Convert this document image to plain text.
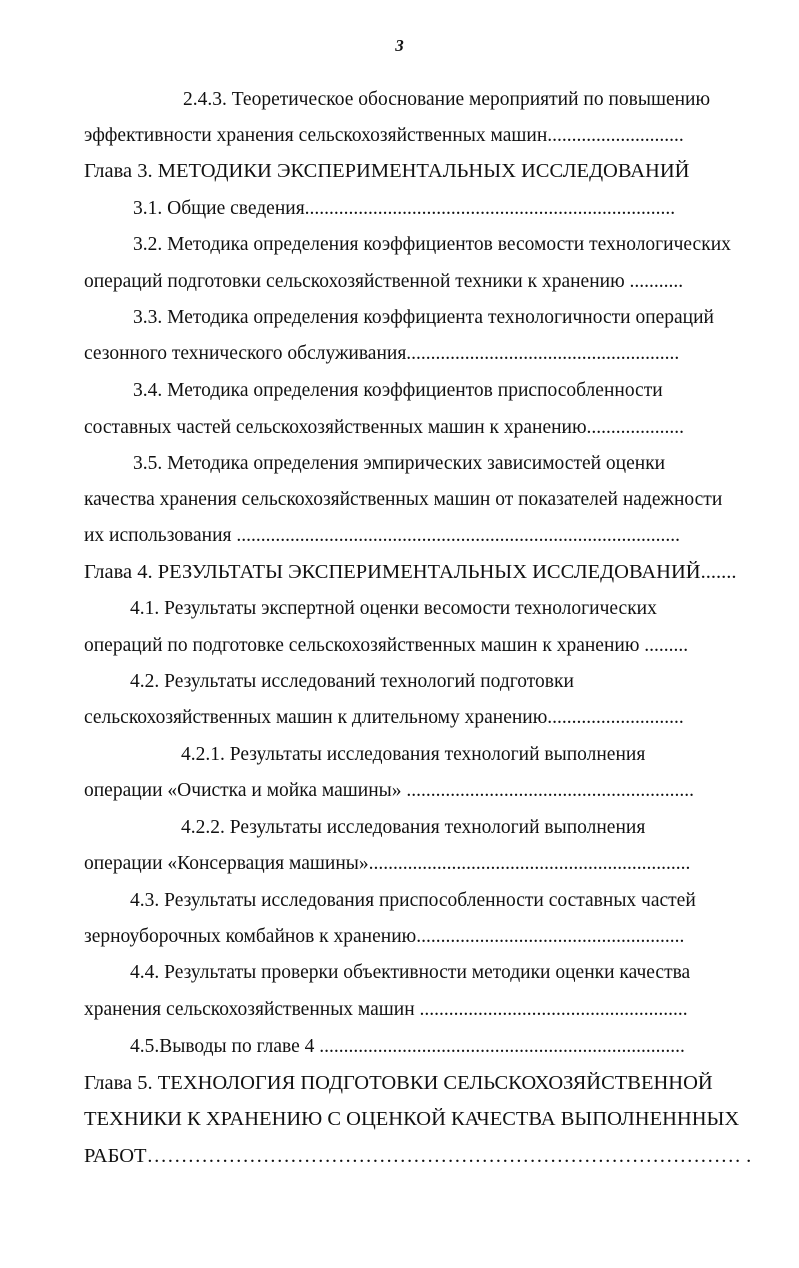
3
2.4.3. Теоретическое обоснование мероприятий по повышению
эффективности хранения сельскохозяйственных машин............................
Глава 3. МЕТОДИКИ ЭКСПЕРИМЕНТАЛЬНЫХ ИССЛЕДОВАНИЙ
3.1. Общие сведения............................................................................
3.2. Методика определения коэффициентов весомости технологических
операций подготовки сельскохозяйственной техники к хранению ...........
3.3. Методика определения коэффициента технологичности операций
сезонного технического обслуживания........................................................
3.4. Методика определения коэффициентов приспособленности
составных частей сельскохозяйственных машин к хранению....................
3.5. Методика определения эмпирических зависимостей оценки
качества хранения сельскохозяйственных машин от показателей надежности
их использования ...........................................................................................
Глава 4. РЕЗУЛЬТАТЫ ЭКСПЕРИМЕНТАЛЬНЫХ ИССЛЕДОВАНИЙ.......
4.1. Результаты экспертной оценки весомости технологических
операций по подготовке сельскохозяйственных машин к хранению .........
4.2. Результаты исследований технологий подготовки
сельскохозяйственных машин к длительному хранению............................
4.2.1. Результаты исследования технологий выполнения
операции «Очистка и мойка машины» ...........................................................
4.2.2. Результаты исследования технологий выполнения
операции «Консервация машины»..................................................................
4.3. Результаты исследования приспособленности составных частей
зерноуборочных комбайнов к хранению.......................................................
4.4. Результаты проверки объективности методики оценки качества
хранения сельскохозяйственных машин .......................................................
4.5.Выводы по главе 4 ...........................................................................
Глава 5. ТЕХНОЛОГИЯ ПОДГОТОВКИ СЕЛЬСКОХОЗЯЙСТВЕННОЙ
ТЕХНИКИ К ХРАНЕНИЮ С ОЦЕНКОЙ КАЧЕСТВА ВЫПОЛНЕНННЫХ
РАБОТ…………………………………………………………………………… .
